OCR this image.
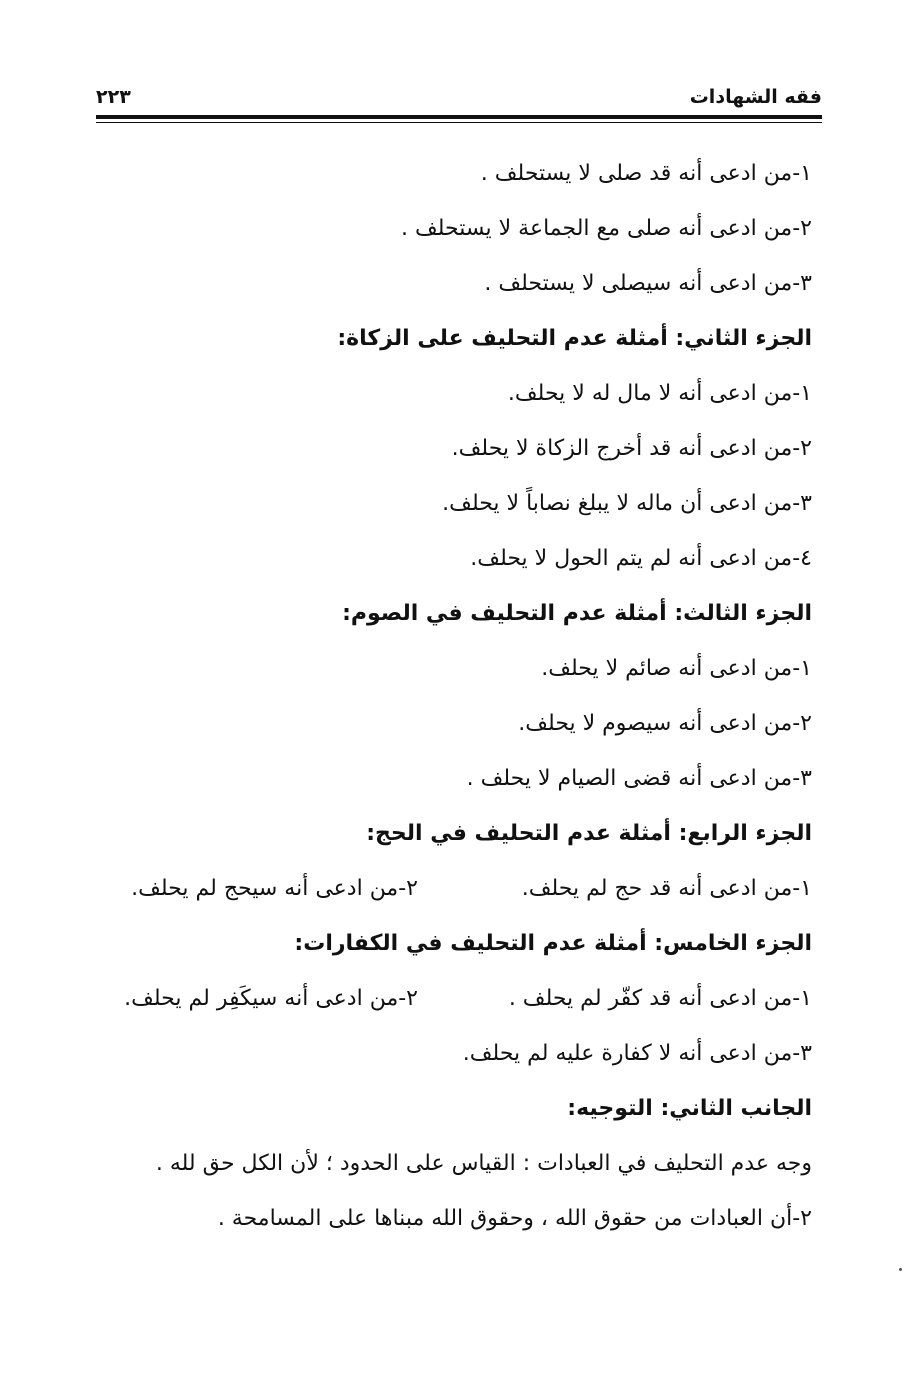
فقه الشهادات
٢٢٣
١-من ادعى أنه قد صلى لا يستحلف .
٢-من ادعى أنه صلى مع الجماعة لا يستحلف .
٣-من ادعى أنه سيصلى لا يستحلف .
الجزء الثاني: أمثلة عدم التحليف على الزكاة:
١-من ادعى أنه لا مال له لا يحلف.
٢-من ادعى أنه قد أخرج الزكاة لا يحلف.
٣-من ادعى أن ماله لا يبلغ نصاباً لا يحلف.
٤-من ادعى أنه لم يتم الحول لا يحلف.
الجزء الثالث: أمثلة عدم التحليف في الصوم:
١-من ادعى أنه صائم لا يحلف.
٢-من ادعى أنه سيصوم لا يحلف.
٣-من ادعى أنه قضى الصيام لا يحلف .
الجزء الرابع: أمثلة عدم التحليف في الحج:
١-من ادعى أنه قد حج لم يحلف.
٢-من ادعى أنه سيحج لم يحلف.
الجزء الخامس: أمثلة عدم التحليف في الكفارات:
١-من ادعى أنه قد كفّر لم يحلف .
٢-من ادعى أنه سيكَفِر لم يحلف.
٣-من ادعى أنه لا كفارة عليه لم يحلف.
الجانب الثاني: التوجيه:
وجه عدم التحليف في العبادات : القياس على الحدود ؛ لأن الكل حق لله .
٢-أن العبادات من حقوق الله ، وحقوق الله مبناها على المسامحة .
